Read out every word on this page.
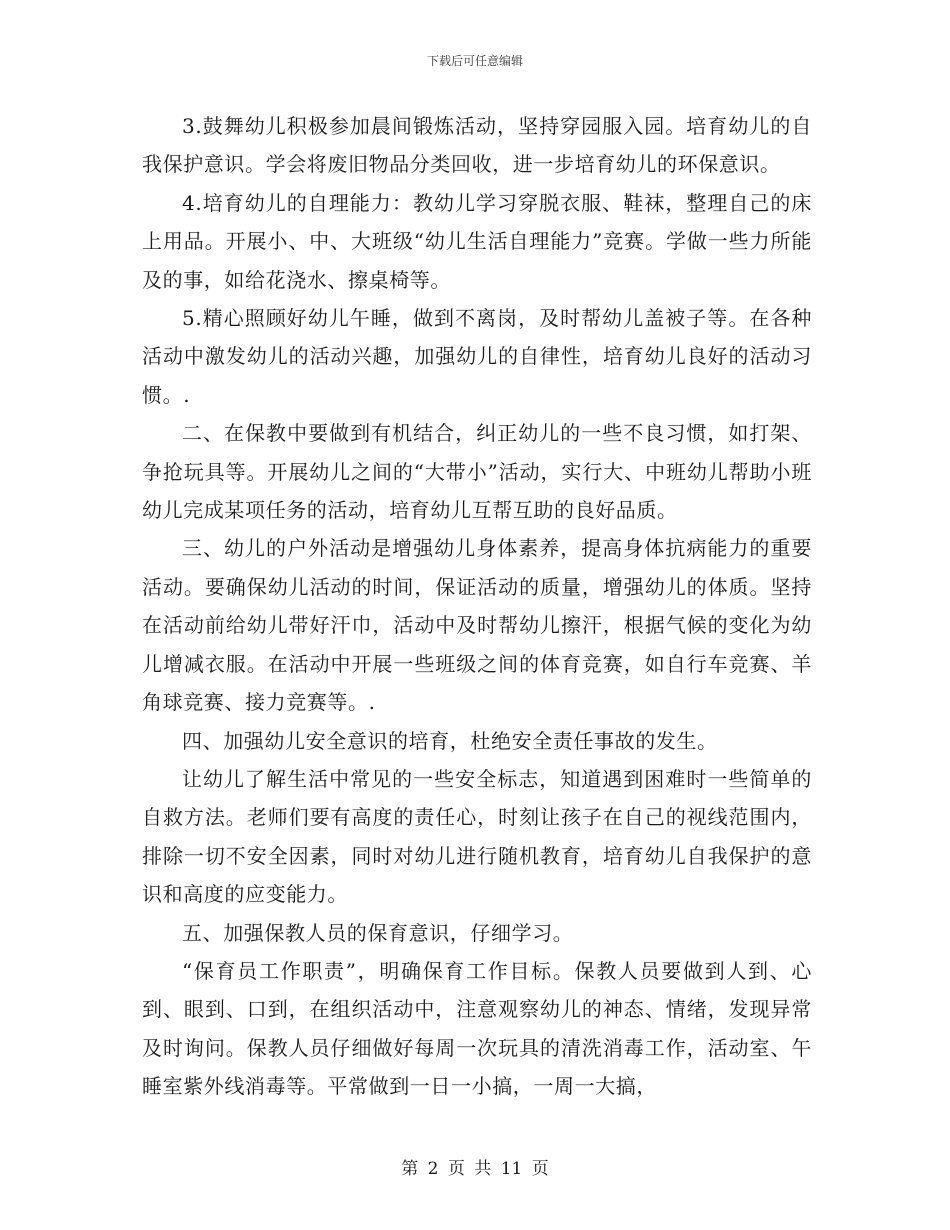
下载后可任意编辑

3.鼓舞幼儿积极参加晨间锻炼活动，坚持穿园服入园。培育幼儿的自我保护意识。学会将废旧物品分类回收，进一步培育幼儿的环保意识。

4.培育幼儿的自理能力：教幼儿学习穿脱衣服、鞋袜，整理自己的床上用品。开展小、中、大班级“幼儿生活自理能力”竞赛。学做一些力所能及的事，如给花浇水、擦桌椅等。

5.精心照顾好幼儿午睡，做到不离岗，及时帮幼儿盖被子等。在各种活动中激发幼儿的活动兴趣，加强幼儿的自律性，培育幼儿良好的活动习惯。.

二、在保教中要做到有机结合，纠正幼儿的一些不良习惯，如打架、争抢玩具等。开展幼儿之间的“大带小”活动，实行大、中班幼儿帮助小班幼儿完成某项任务的活动，培育幼儿互帮互助的良好品质。

三、幼儿的户外活动是增强幼儿身体素养，提高身体抗病能力的重要活动。要确保幼儿活动的时间，保证活动的质量，增强幼儿的体质。坚持在活动前给幼儿带好汗巾，活动中及时帮幼儿擦汗，根据气候的变化为幼儿增减衣服。在活动中开展一些班级之间的体育竞赛，如自行车竞赛、羊角球竞赛、接力竞赛等。.

四、加强幼儿安全意识的培育，杜绝安全责任事故的发生。

让幼儿了解生活中常见的一些安全标志，知道遇到困难时一些简单的自救方法。老师们要有高度的责任心，时刻让孩子在自己的视线范围内，排除一切不安全因素，同时对幼儿进行随机教育，培育幼儿自我保护的意识和高度的应变能力。

五、加强保教人员的保育意识，仔细学习。

“保育员工作职责”，明确保育工作目标。保教人员要做到人到、心到、眼到、口到，在组织活动中，注意观察幼儿的神态、情绪，发现异常及时询问。保教人员仔细做好每周一次玩具的清洗消毒工作，活动室、午睡室紫外线消毒等。平常做到一日一小搞，一周一大搞，

第 2 页 共 11 页
